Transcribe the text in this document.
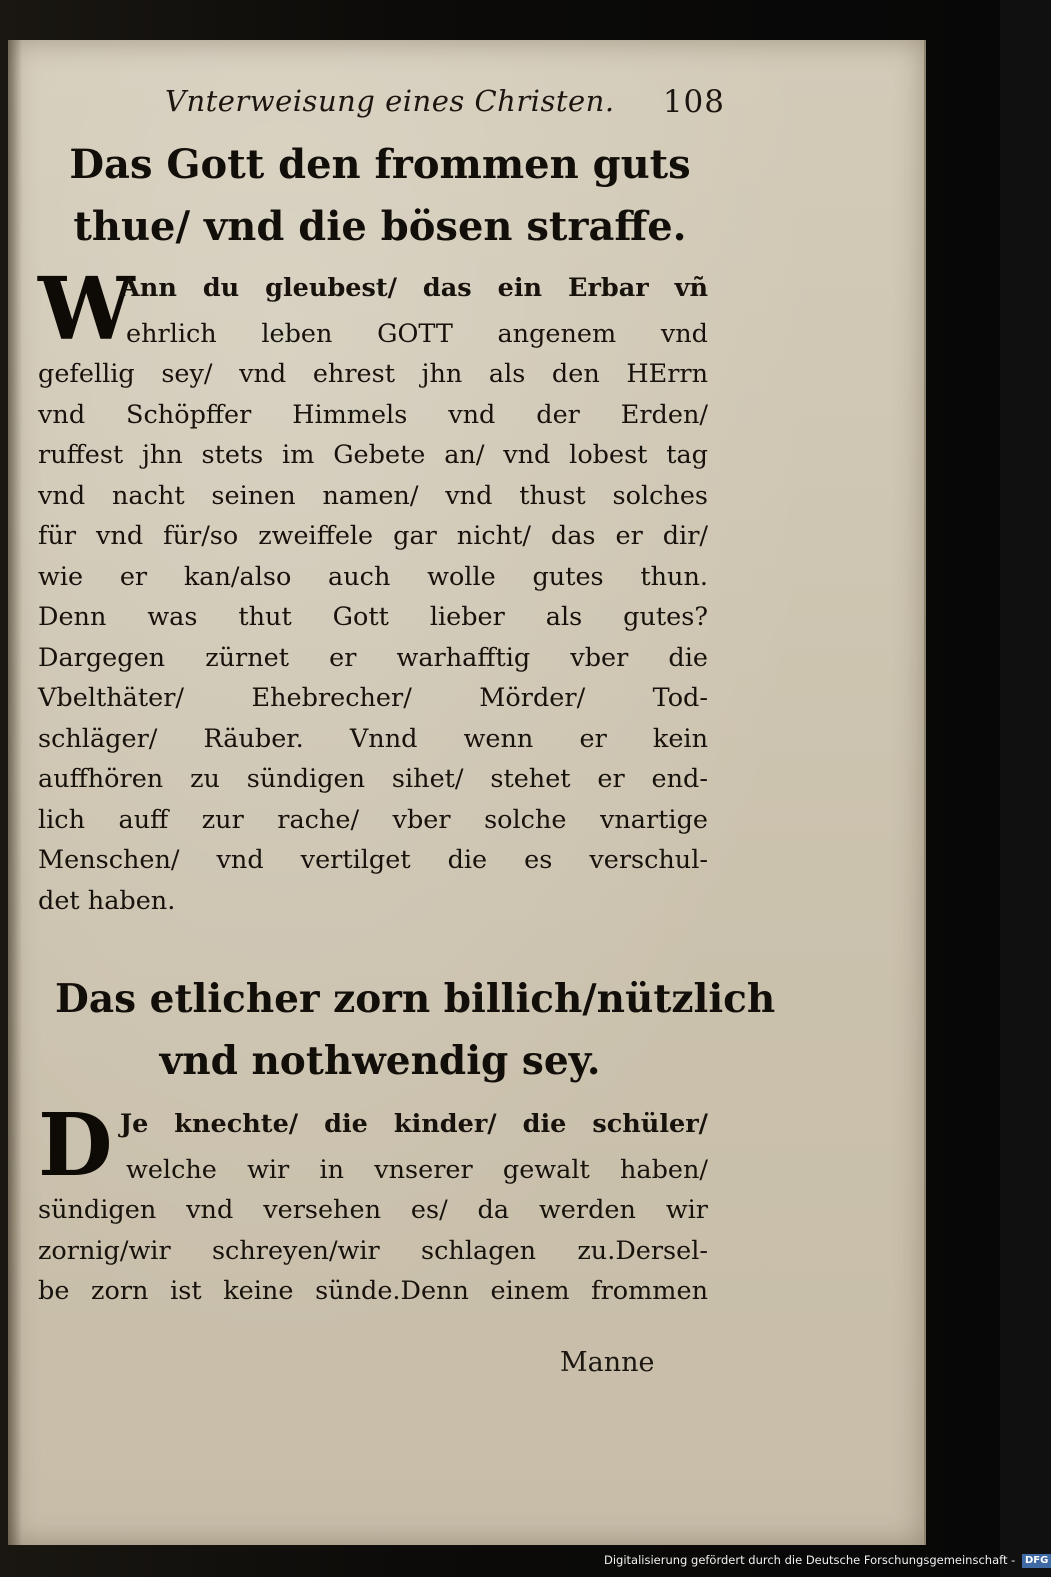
Vnterweisung eines Christen. 108
Das Gott den frommen guts
thue/ vnd die bösen straffe.
W
Ann du gleubest/ das ein Erbar vñ
ehrlich leben GOTT angenem vnd
gefellig sey/ vnd ehrest jhn als den HErrn
vnd Schöpffer Himmels vnd der Erden/
ruffest jhn stets im Gebete an/ vnd lobest tag
vnd nacht seinen namen/ vnd thust solches
für vnd für/so zweiffele gar nicht/ das er dir/
wie er kan/also auch wolle gutes thun.
Denn was thut Gott lieber als gutes?
Dargegen zürnet er warhafftig vber die
Vbelthäter/ Ehebrecher/ Mörder/ Tod-
schläger/ Räuber. Vnnd wenn er kein
auffhören zu sündigen sihet/ stehet er end-
lich auff zur rache/ vber solche vnartige
Menschen/ vnd vertilget die es verschul-
det haben.
Das etlicher zorn billich/nützlich
vnd nothwendig sey.
D Je knechte/ die kinder/ die schüler/
welche wir in vnserer gewalt haben/
sündigen vnd versehen es/ da werden wir
zornig/wir schreyen/wir schlagen zu.Dersel-
be zorn ist keine sünde.Denn einem frommen
Manne
Digitalisierung gefördert durch die Deutsche Forschungsgemeinschaft - DFG
